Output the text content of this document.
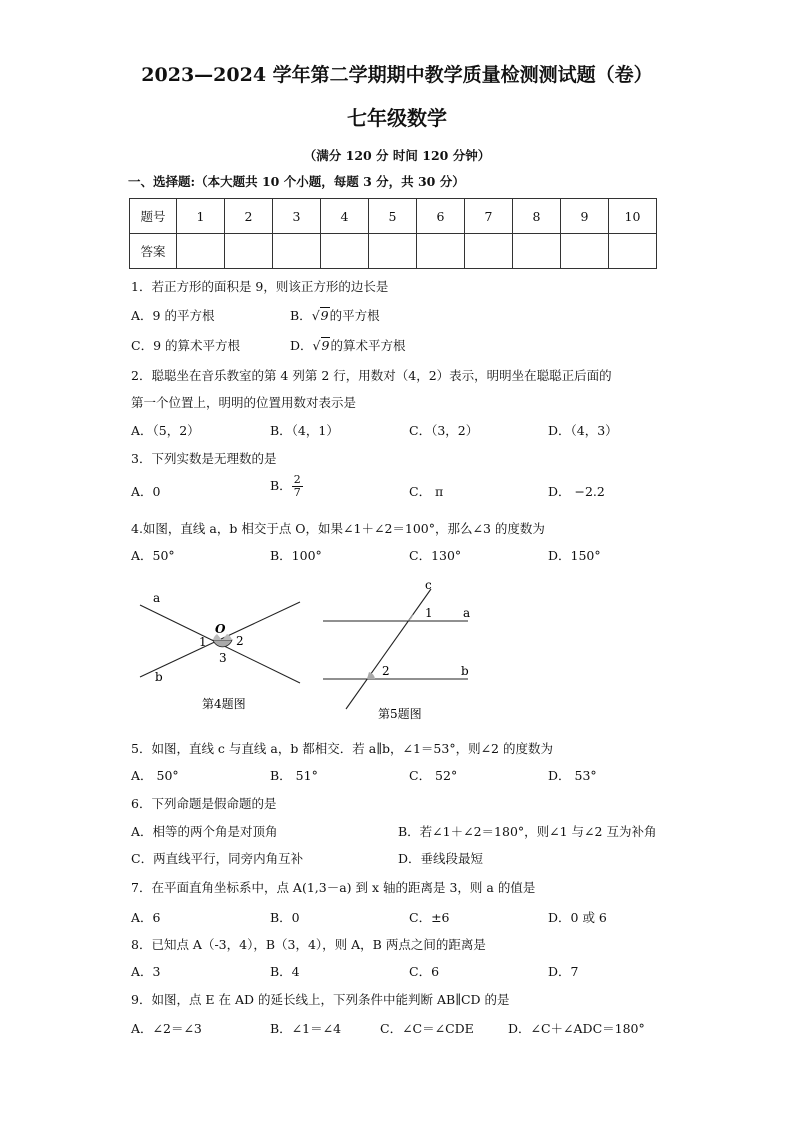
2023—2024 学年第二学期期中教学质量检测测试题（卷）
七年级数学
（满分 120 分 时间 120 分钟）
一、选择题:（本大题共 10 个小题，每题 3 分，共 30 分）
题号	1	2	3	4	5	6	7	8	9	10
答案										
1．若正方形的面积是 9，则该正方形的边长是
A．9 的平方根	B．√9的平方根
C．9 的算术平方根	D．√9的算术平方根
2．聪聪坐在音乐教室的第 4 列第 2 行，用数对（4，2）表示，明明坐在聪聪正后面的
第一个位置上，明明的位置用数对表示是
A．（5，2）	B．（4，1）	C．（3，2）	D．（4，3）
3．下列实数是无理数的是
A．0	B． $\frac{2}{7}$	C． π	D． −2.2
4.如图，直线 a，b 相交于点 O，如果∠1＋∠2＝100°，那么∠3 的度数为
A．50°	B．100°	C．130°	D．150°
a
b
O
1 2
3
第4题图
c
1	a
2	b
第5题图
5．如图，直线 c 与直线 a，b 都相交．若 a∥b，∠1＝53°，则∠2 的度数为
A． 50°	B． 51°	C． 52°	D． 53°
6．下列命题是假命题的是
A．相等的两个角是对顶角	B．若∠1＋∠2＝180°，则∠1 与∠2 互为补角
C．两直线平行，同旁内角互补	D．垂线段最短
7．在平面直角坐标系中，点 A(1,3－a) 到 x 轴的距离是 3，则 a 的值是
A．6	B．0	C．±6	D．0 或 6
8．已知点 A（-3，4），B（3，4），则 A，B 两点之间的距离是
A．3	B．4	C．6	D．7
9．如图，点 E 在 AD 的延长线上，下列条件中能判断 AB∥CD 的是
A．∠2＝∠3	B．∠1＝∠4	C．∠C＝∠CDE	D．∠C＋∠ADC＝180°
